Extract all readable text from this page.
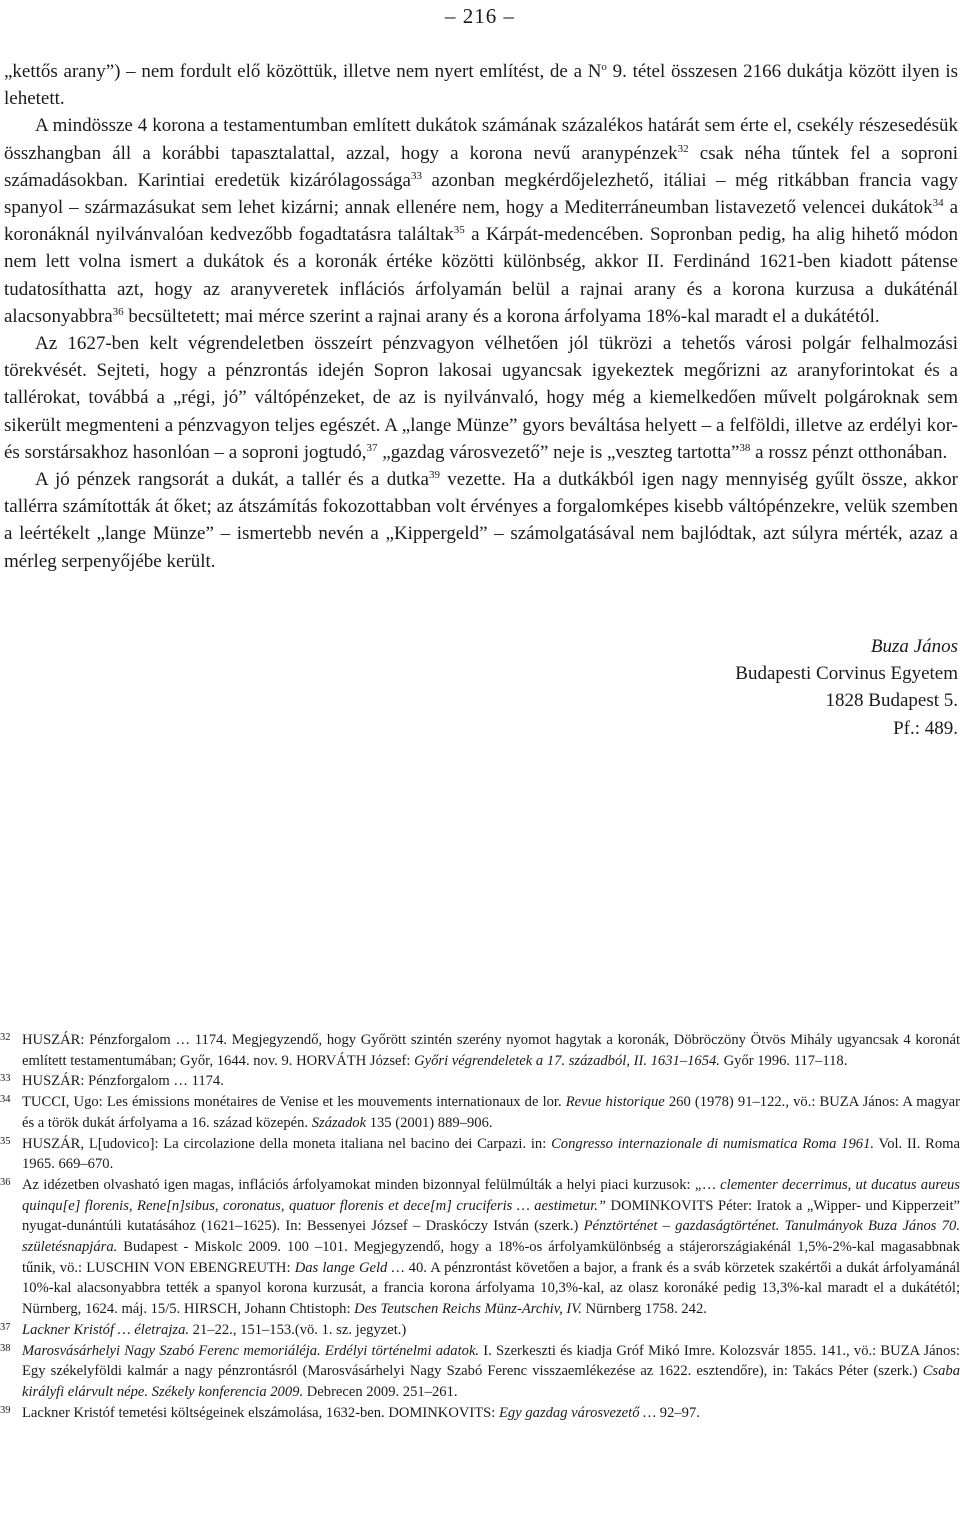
– 216 –

„kettős arany”) – nem fordult elő közöttük, illetve nem nyert említést, de a $N^o$ 9. tétel összesen 2166 dukátja között ilyen is lehetett.

A mindössze 4 korona a testamentumban említett dukátok számának százalékos határát sem érte el, csekély részesedésük összhangban áll a korábbi tapasztalattal, azzal, hogy a korona nevű aranypénzek$^{32}$ csak néha tűntek fel a soproni számadásokban. Karintiai eredetük kizárólagossága$^{33}$ azonban megkérdőjelezhető, itáliai – még ritkábban francia vagy spanyol – származásukat sem lehet kizárni; annak ellenére nem, hogy a Mediterráneumban listavezető velencei dukátok$^{34}$ a koronáknál nyilvánvalóan kedvezőbb fogadtatásra találtak$^{35}$ a Kárpát-medencében. Sopronban pedig, ha alig hihető módon nem lett volna ismert a dukátok és a koronák értéke közötti különbség, akkor II. Ferdinánd 1621-ben kiadott pátense tudatosíthatta azt, hogy az aranyveretek inflációs árfolyamán belül a rajnai arany és a korona kurzusa a dukáténál alacsonyabbra$^{36}$ becsültetett; mai mérce szerint a rajnai arany és a korona árfolyama 18%-kal maradt el a dukátétól.

Az 1627-ben kelt végrendeletben összeírt pénzvagyon vélhetően jól tükrözi a tehetős városi polgár felhalmozási törekvését. Sejteti, hogy a pénzrontás idején Sopron lakosai ugyancsak igyekeztek megőrizni az aranyforintokat és a tallérokat, továbbá a „régi, jó” váltópénzeket, de az is nyilvánvaló, hogy még a kiemelkedően művelt polgároknak sem sikerült megmenteni a pénzvagyon teljes egészét. A „lange Münze” gyors beváltása helyett – a felföldi, illetve az erdélyi kor- és sorstársakhoz hasonlóan – a soproni jogtudó,$^{37}$ „gazdag városvezető” neje is „veszteg tartotta”$^{38}$ a rossz pénzt otthonában.

A jó pénzek rangsorát a dukát, a tallér és a dutka$^{39}$ vezette. Ha a dutkákból igen nagy mennyiség gyűlt össze, akkor tallérra számították át őket; az átszámítás fokozottabban volt érvényes a forgalomképes kisebb váltópénzekre, velük szemben a leértékelt „lange Münze” – ismertebb nevén a „Kippergeld” – számolgatásával nem bajlódtak, azt súlyra mérték, azaz a mérleg serpenyőjébe került.

Buza János
Budapesti Corvinus Egyetem
1828 Budapest 5.
Pf.: 489.
32 HUSZÁR: Pénzforgalom … 1174. Megjegyzendő, hogy Győrött szintén szerény nyomot hagytak a koronák, Döbröczöny Ötvös Mihály ugyancsak 4 koronát említett testamentumában; Győr, 1644. nov. 9. HORVÁTH József: Győri végrendeletek a 17. századból, II. 1631–1654. Győr 1996. 117–118.
33 HUSZÁR: Pénzforgalom … 1174.
34 TUCCI, Ugo: Les émissions monétaires de Venise et les mouvements internationaux de lor. Revue historique 260 (1978) 91–122., vö.: BUZA János: A magyar és a török dukát árfolyama a 16. század közepén. Századok 135 (2001) 889–906.
35 HUSZÁR, L[udovico]: La circolazione della moneta italiana nel bacino dei Carpazi. in: Congresso internazionale di numismatica Roma 1961. Vol. II. Roma 1965. 669–670.
36 Az idézetben olvasható igen magas, inflációs árfolyamokat minden bizonnyal felülmúlták a helyi piaci kurzusok: „… clementer decerrimus, ut ducatus aureus quinqu[e] florenis, Rene[n]sibus, coronatus, quatuor florenis et dece[m] cruciferis … aestimetur.” DOMINKOVITS Péter: Iratok a „Wipper- und Kipperzeit” nyugat-dunántúli kutatásához (1621–1625). In: Bessenyei József – Draskóczy István (szerk.) Pénztörténet – gazdaságtörténet. Tanulmányok Buza János 70. születésnapjára. Budapest - Miskolc 2009. 100 –101. Megjegyzendő, hogy a 18%-os árfolyamkülönbség a stájerországiakénál 1,5%-2%-kal magasabbnak tűnik, vö.: LUSCHIN VON EBENGREUTH: Das lange Geld … 40. A pénzrontást követően a bajor, a frank és a sváb körzetek szakértői a dukát árfolyamánál 10%-kal alacsonyabbra tették a spanyol korona kurzusát, a francia korona árfolyama 10,3%-kal, az olasz koronáké pedig 13,3%-kal maradt el a dukátétól; Nürnberg, 1624. máj. 15/5. HIRSCH, Johann Chtistoph: Des Teutschen Reichs Münz-Archiv, IV. Nürnberg 1758. 242.
37 Lackner Kristóf … életrajza. 21–22., 151–153.(vö. 1. sz. jegyzet.)
38 Marosvásárhelyi Nagy Szabó Ferenc memoriáléja. Erdélyi történelmi adatok. I. Szerkeszti és kiadja Gróf Mikó Imre. Kolozsvár 1855. 141., vö.: BUZA János: Egy székelyföldi kalmár a nagy pénzrontásról (Marosvásárhelyi Nagy Szabó Ferenc visszaemlékezése az 1622. esztendőre), in: Takács Péter (szerk.) Csaba királyfi elárvult népe. Székely konferencia 2009. Debrecen 2009. 251–261.
39 Lackner Kristóf temetési költségeinek elszámolása, 1632-ben. DOMINKOVITS: Egy gazdag városvezető … 92–97.
